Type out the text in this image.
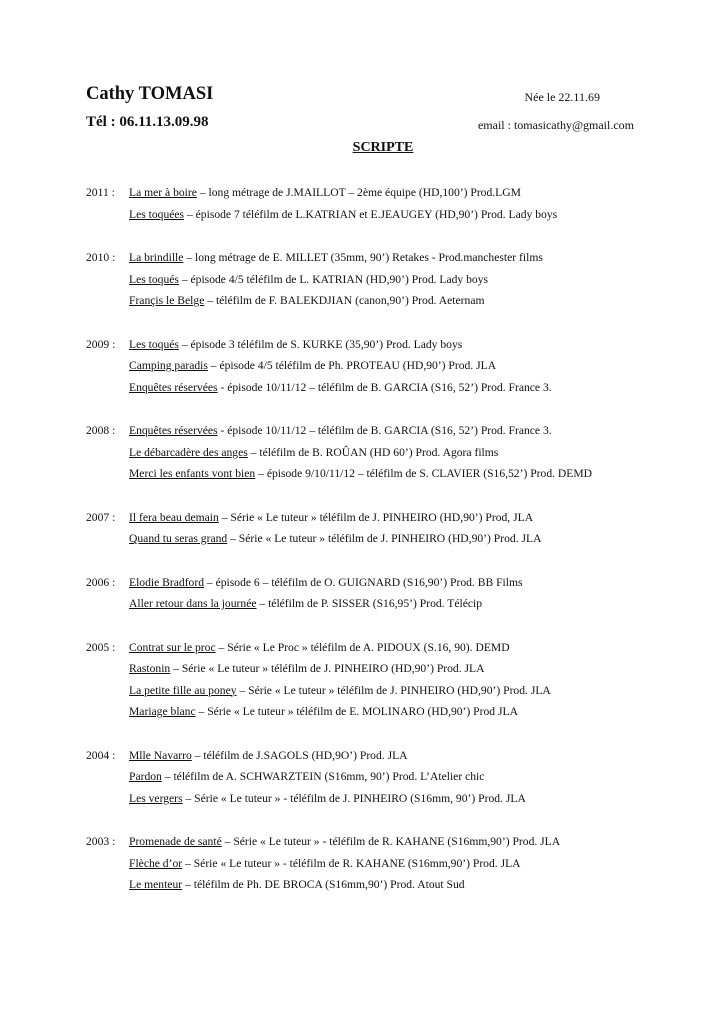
Cathy TOMASI	Née le 22.11.69
Tél : 06.11.13.09.98	email : tomasicathy@gmail.com
SCRIPTE
2011 :	La mer à boire – long métrage de J.MAILLOT – 2ème équipe (HD,100’) Prod.LGM
Les toquées – épisode 7 téléfilm de L.KATRIAN et E.JEAUGEY (HD,90’) Prod. Lady boys
2010 :	La brindille – long métrage de E. MILLET (35mm, 90’) Retakes - Prod.manchester films
Les toqués – épisode 4/5 téléfilm de L. KATRIAN (HD,90’) Prod. Lady boys
Françis le Belge – téléfilm de F. BALEKDJIAN (canon,90’) Prod. Aeternam
2009 :	Les toqués – épisode 3 téléfilm de S. KURKE (35,90’) Prod. Lady boys
Camping paradis – épisode 4/5 téléfilm de Ph. PROTEAU (HD,90’) Prod. JLA
Enquêtes réservées - épisode 10/11/12 – téléfilm de B. GARCIA (S16, 52’) Prod. France 3.
2008 :	Enquêtes réservées - épisode 10/11/12 – téléfilm de B. GARCIA (S16, 52’) Prod. France 3.
Le débarcadère des anges – téléfilm de B. ROÛAN (HD 60’) Prod. Agora films
Merci les enfants vont bien – épisode 9/10/11/12 – téléfilm de S. CLAVIER (S16,52’) Prod. DEMD
2007 :	Il fera beau demain – Série « Le tuteur » téléfilm de J. PINHEIRO (HD,90’) Prod, JLA
Quand tu seras grand – Série « Le tuteur » téléfilm de J. PINHEIRO (HD,90’) Prod. JLA
2006 :	Elodie Bradford – épisode 6 – téléfilm de O. GUIGNARD (S16,90’) Prod. BB Films
Aller retour dans la journée – téléfilm de P. SISSER (S16,95’) Prod. Télécip
2005 :	Contrat sur le proc – Série « Le Proc » téléfilm de A. PIDOUX (S.16, 90). DEMD
Rastonin – Série « Le tuteur » téléfilm de J. PINHEIRO (HD,90’) Prod. JLA
La petite fille au poney – Série « Le tuteur » téléfilm de J. PINHEIRO (HD,90’) Prod. JLA
Mariage blanc – Série « Le tuteur » téléfilm de E. MOLINARO (HD,90’) Prod JLA
2004 :	Mlle Navarro – téléfilm de J.SAGOLS (HD,9O’) Prod. JLA
Pardon – téléfilm de A. SCHWARZTEIN (S16mm, 90’) Prod. L’Atelier chic
Les vergers – Série « Le tuteur » - téléfilm de J. PINHEIRO (S16mm, 90’) Prod. JLA
2003 :	Promenade de santé – Série « Le tuteur » - téléfilm de R. KAHANE (S16mm,90’) Prod. JLA
Flèche d’or – Série « Le tuteur » - téléfilm de R. KAHANE (S16mm,90’) Prod. JLA
Le menteur – téléfilm de Ph. DE BROCA (S16mm,90’) Prod. Atout Sud
